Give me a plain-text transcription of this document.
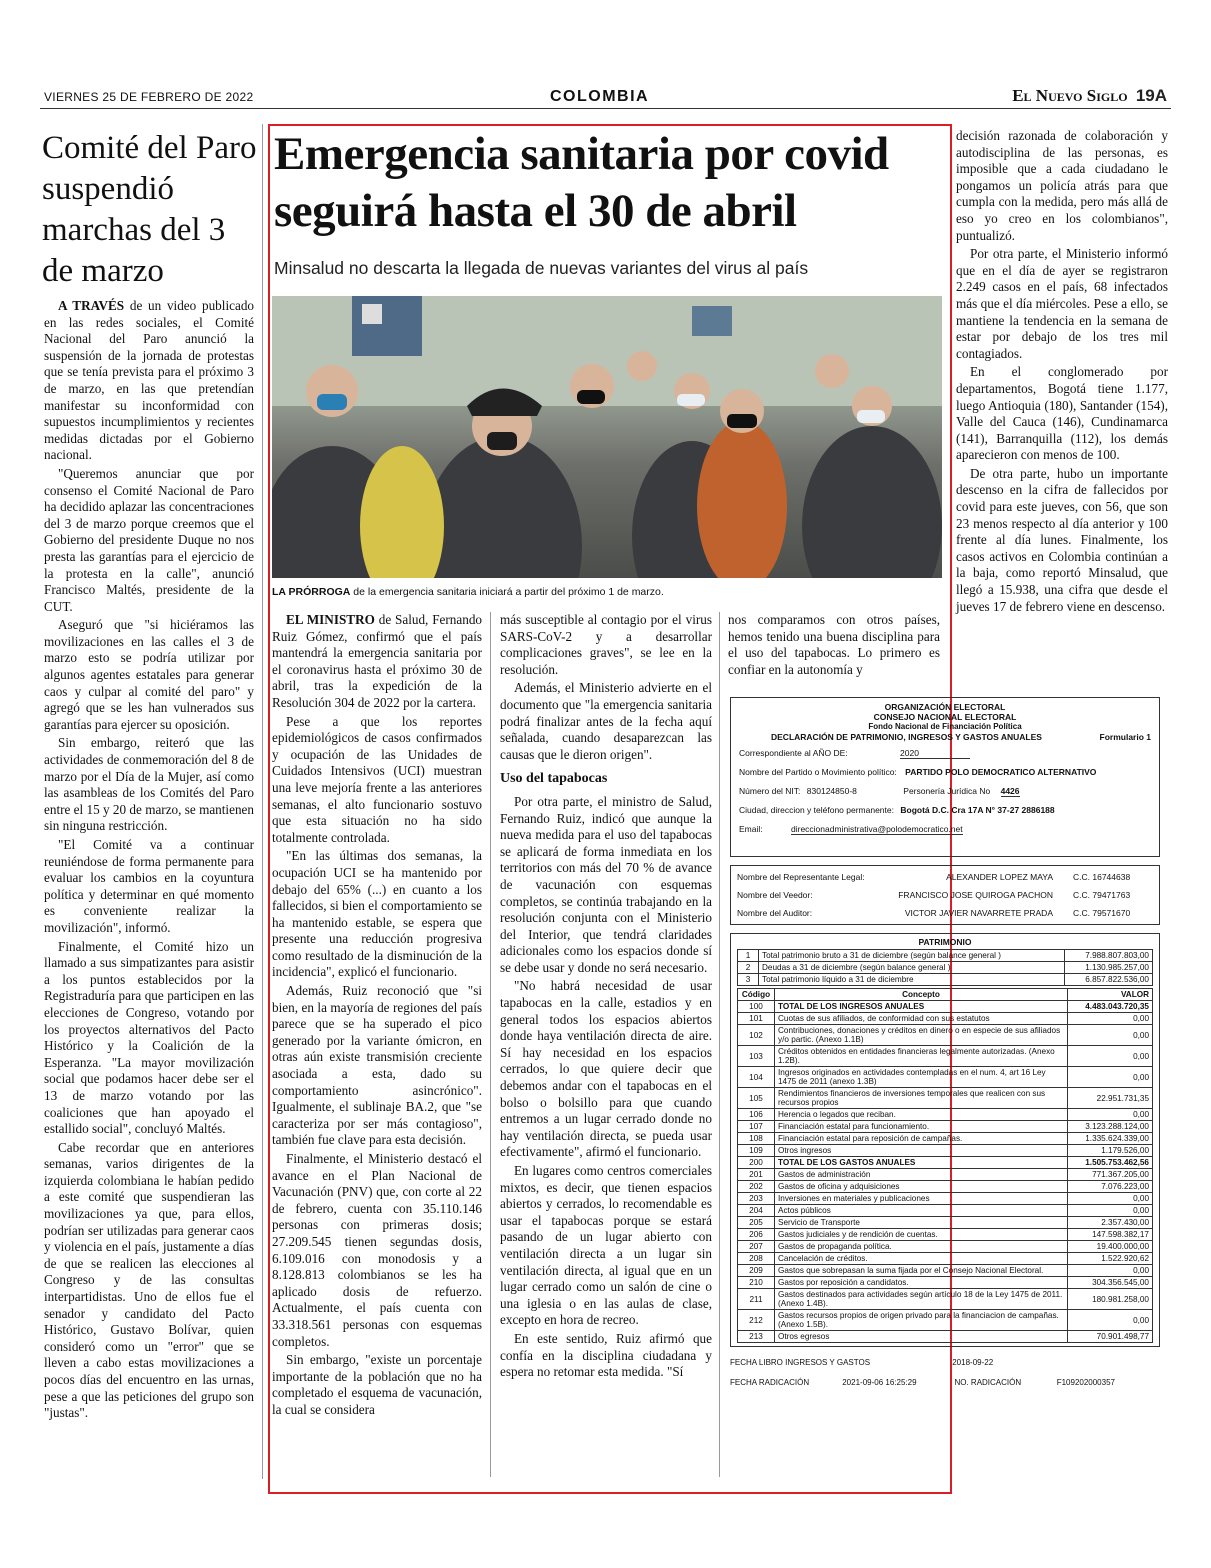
VIERNES 25 DE FEBRERO DE 2022	COLOMBIA	El Nuevo Siglo 19A
Comité del Paro suspendió marchas del 3 de marzo

A TRAVÉS de un video publicado en las redes sociales, el Comité Nacional del Paro anunció la suspensión de la jornada de protestas que se tenía prevista para el próximo 3 de marzo, en las que pretendían manifestar su inconformidad con supuestos incumplimientos y recientes medidas dictadas por el Gobierno nacional.

"Queremos anunciar que por consenso el Comité Nacional de Paro ha decidido aplazar las concentraciones del 3 de marzo porque creemos que el Gobierno del presidente Duque no nos presta las garantías para el ejercicio de la protesta en la calle", anunció Francisco Maltés, presidente de la CUT.

Aseguró que "si hiciéramos las movilizaciones en las calles el 3 de marzo esto se podría utilizar por algunos agentes estatales para generar caos y culpar al comité del paro" y agregó que se les han vulnerados sus garantías para ejercer su oposición.

Sin embargo, reiteró que las actividades de conmemoración del 8 de marzo por el Día de la Mujer, así como las asambleas de los Comités del Paro entre el 15 y 20 de marzo, se mantienen sin ninguna restricción.

"El Comité va a continuar reuniéndose de forma permanente para evaluar los cambios en la coyuntura política y determinar en qué momento es conveniente realizar la movilización", informó.

Finalmente, el Comité hizo un llamado a sus simpatizantes para asistir a los puntos establecidos por la Registraduría para que participen en las elecciones de Congreso, votando por los proyectos alternativos del Pacto Histórico y la Coalición de la Esperanza. "La mayor movilización social que podamos hacer debe ser el 13 de marzo votando por las coaliciones que han apoyado el estallido social", concluyó Maltés.

Cabe recordar que en anteriores semanas, varios dirigentes de la izquierda colombiana le habían pedido a este comité que suspendieran las movilizaciones ya que, para ellos, podrían ser utilizadas para generar caos y violencia en el país, justamente a días de que se realicen las elecciones al Congreso y de las consultas interpartidistas. Uno de ellos fue el senador y candidato del Pacto Histórico, Gustavo Bolívar, quien consideró como un "error" que se lleven a cabo estas movilizaciones a pocos días del encuentro en las urnas, pese a que las peticiones del grupo son "justas".

Emergencia sanitaria por covid seguirá hasta el 30 de abril
Minsalud no descarta la llegada de nuevas variantes del virus al país
LA PRÓRROGA de la emergencia sanitaria iniciará a partir del próximo 1 de marzo.

EL MINISTRO de Salud, Fernando Ruiz Gómez, confirmó que el país mantendrá la emergencia sanitaria por el coronavirus hasta el próximo 30 de abril, tras la expedición de la Resolución 304 de 2022 por la cartera.

Pese a que los reportes epidemiológicos de casos confirmados y ocupación de las Unidades de Cuidados Intensivos (UCI) muestran una leve mejoría frente a las anteriores semanas, el alto funcionario sostuvo que esta situación no ha sido totalmente controlada.

"En las últimas dos semanas, la ocupación UCI se ha mantenido por debajo del 65% (...) en cuanto a los fallecidos, si bien el comportamiento se ha mantenido estable, se espera que presente una reducción progresiva como resultado de la disminución de la incidencia", explicó el funcionario.

Además, Ruiz reconoció que "si bien, en la mayoría de regiones del país parece que se ha superado el pico generado por la variante ómicron, en otras aún existe transmisión creciente asociada a esta, dado su comportamiento asincrónico". Igualmente, el sublinaje BA.2, que "se caracteriza por ser más contagioso", también fue clave para esta decisión.

Finalmente, el Ministerio destacó el avance en el Plan Nacional de Vacunación (PNV) que, con corte al 22 de febrero, cuenta con 35.110.146 personas con primeras dosis; 27.209.545 tienen segundas dosis, 6.109.016 con monodosis y a 8.128.813 colombianos se les ha aplicado dosis de refuerzo. Actualmente, el país cuenta con 33.318.561 personas con esquemas completos.

Sin embargo, "existe un porcentaje importante de la población que no ha completado el esquema de vacunación, la cual se considera

más susceptible al contagio por el virus SARS-CoV-2 y a desarrollar complicaciones graves", se lee en la resolución.

Además, el Ministerio advierte en el documento que "la emergencia sanitaria podrá finalizar antes de la fecha aquí señalada, cuando desaparezcan las causas que le dieron origen".

Uso del tapabocas

Por otra parte, el ministro de Salud, Fernando Ruiz, indicó que aunque la nueva medida para el uso del tapabocas se aplicará de forma inmediata en los territorios con más del 70 % de avance de vacunación con esquemas completos, se continúa trabajando en la resolución conjunta con el Ministerio del Interior, que tendrá claridades adicionales como los espacios donde sí se debe usar y donde no será necesario.

"No habrá necesidad de usar tapabocas en la calle, estadios y en general todos los espacios abiertos donde haya ventilación directa de aire. Sí hay necesidad en los espacios cerrados, lo que quiere decir que debemos andar con el tapabocas en el bolso o bolsillo para que cuando entremos a un lugar cerrado donde no hay ventilación directa, se pueda usar efectivamente", afirmó el funcionario.

En lugares como centros comerciales mixtos, es decir, que tienen espacios abiertos y cerrados, lo recomendable es usar el tapabocas porque se estará pasando de un lugar abierto con ventilación directa a un lugar sin ventilación directa, al igual que en un lugar cerrado como un salón de cine o una iglesia o en las aulas de clase, excepto en hora de recreo.

En este sentido, Ruiz afirmó que confía en la disciplina ciudadana y espera no retomar esta medida. "Sí

nos comparamos con otros países, hemos tenido una buena disciplina para el uso del tapabocas. Lo primero es confiar en la autonomía y

decisión razonada de colaboración y autodisciplina de las personas, es imposible que a cada ciudadano le pongamos un policía atrás para que cumpla con la medida, pero más allá de eso yo creo en los colombianos", puntualizó.

Por otra parte, el Ministerio informó que en el día de ayer se registraron 2.249 casos en el país, 68 infectados más que el día miércoles. Pese a ello, se mantiene la tendencia en la semana de estar por debajo de los tres mil contagiados.

En el conglomerado por departamentos, Bogotá tiene 1.177, luego Antioquia (180), Santander (154), Valle del Cauca (146), Cundinamarca (141), Barranquilla (112), los demás aparecieron con menos de 100.

De otra parte, hubo un importante descenso en la cifra de fallecidos por covid para este jueves, con 56, que son 23 menos respecto al día anterior y 100 frente al día lunes. Finalmente, los casos activos en Colombia continúan a la baja, como reportó Minsalud, que llegó a 15.938, una cifra que desde el jueves 17 de febrero viene en descenso.

ORGANIZACIÓN ELECTORAL
CONSEJO NACIONAL ELECTORAL
Fondo Nacional de Financiación Política
DECLARACIÓN DE PATRIMONIO, INGRESOS Y GASTOS ANUALES	Formulario 1
Correspondiente al AÑO DE:	2020
Nombre del Partido o Movimiento político: PARTIDO POLO DEMOCRATICO ALTERNATIVO
Número del NIT: 830124850-8	Personería Jurídica No 4426
Ciudad, direccion y teléfono permanente: Bogotá D.C. Cra 17A N° 37-27 2886188
Email:	direccionadministrativa@polodemocratico.net
Nombre del Representante Legal:	ALEXANDER LOPEZ MAYA	C.C. 16744638
Nombre del Veedor:	FRANCISCO JOSE QUIROGA PACHON	C.C. 79471763
Nombre del Auditor:	VICTOR JAVIER NAVARRETE PRADA	C.C. 79571670
PATRIMONIO
1	Total patrimonio bruto a 31 de diciembre (según balance general )	7.988.807.803,00
2	Deudas a 31 de diciembre (según balance general )	1.130.985.257,00
3	Total patrimonio líquido a 31 de diciembre	6.857.822.536,00
Código	Concepto	VALOR
100	TOTAL DE LOS INGRESOS ANUALES	4.483.043.720,35
101	Cuotas de sus afiliados, de conformidad con sus estatutos	0,00
102	Contribuciones, donaciones y créditos en dinero o en especie de sus afiliados y/o partic. (Anexo 1.1B)	0,00
103	Créditos obtenidos en entidades financieras legalmente autorizadas. (Anexo 1.2B).	0,00
104	Ingresos originados en actividades contempladas en el num. 4, art 16 Ley 1475 de 2011 (anexo 1.3B)	0,00
105	Rendimientos financieros de inversiones temporales que realicen con sus recursos propios	22.951.731,35
106	Herencia o legados que reciban.	0,00
107	Financiación estatal para funcionamiento.	3.123.288.124,00
108	Financiación estatal para reposición de campañas.	1.335.624.339,00
109	Otros ingresos	1.179.526,00
200	TOTAL DE LOS GASTOS ANUALES	1.505.753.462,56
201	Gastos de administración	771.367.205,00
202	Gastos de oficina y adquisiciones	7.076.223,00
203	Inversiones en materiales y publicaciones	0,00
204	Actos públicos	0,00
205	Servicio de Transporte	2.357.430,00
206	Gastos judiciales y de rendición de cuentas.	147.598.382,17
207	Gastos de propaganda política.	19.400.000,00
208	Cancelación de créditos.	1.522.920,62
209	Gastos que sobrepasan la suma fijada por el Consejo Nacional Electoral.	0,00
210	Gastos por reposición a candidatos.	304.356.545,00
211	Gastos destinados para actividades según artículo 18 de la Ley 1475 de 2011. (Anexo 1.4B).	180.981.258,00
212	Gastos recursos propios de origen privado para la financiacion de campañas. (Anexo 1.5B).	0,00
213	Otros egresos	70.901.498,77
FECHA LIBRO INGRESOS Y GASTOS	2018-09-22
FECHA RADICACIÓN	2021-09-06 16:25:29	NO. RADICACIÓN	F109202000357
